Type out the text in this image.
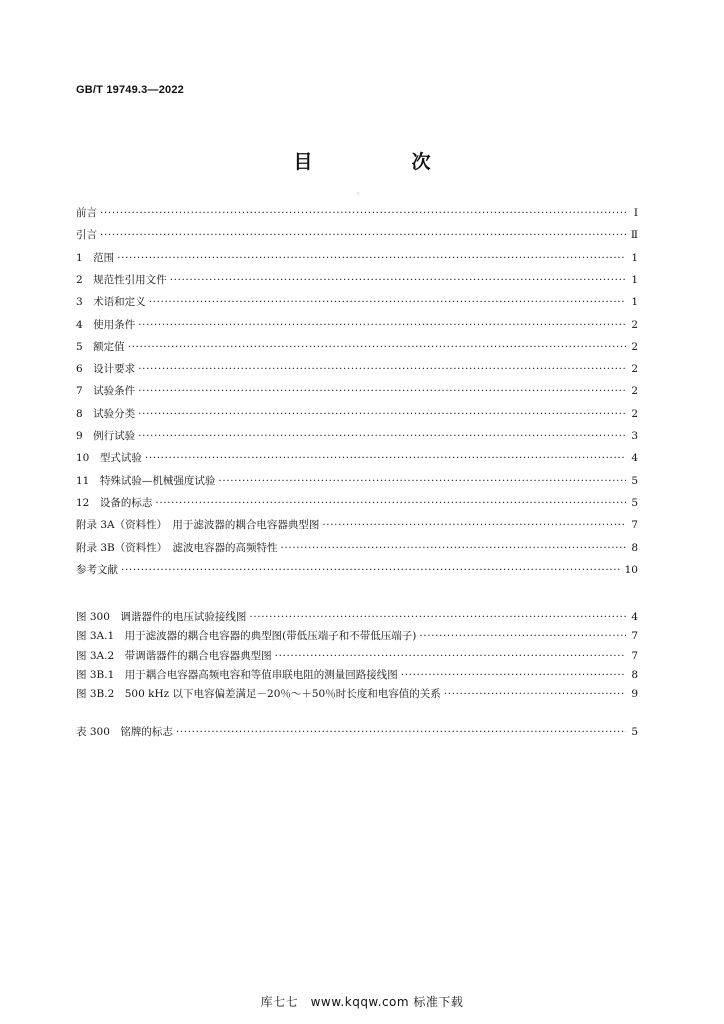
GB/T 19749.3—2022
目　次
:
前言 ·····	Ⅰ
引言 ·····	Ⅱ
1　范围 ·····	1
2　规范性引用文件 ·····	1
3　术语和定义 ·····	1
4　使用条件 ·····	2
5　额定值 ·····	2
6　设计要求 ·····	2
7　试验条件 ·····	2
8　试验分类 ·····	2
9　例行试验 ·····	3
10　型式试验 ·····	4
11　特殊试验—机械强度试验 ·····	5
12　设备的标志 ·····	5
附录 3A（资料性）　用于滤波器的耦合电容器典型图 ·····	7
附录 3B（资料性）　滤波电容器的高频特性 ·····	8
参考文献 ·····	10
图 300　调谐器件的电压试验接线图 ·····	4
图 3A.1　用于滤波器的耦合电容器的典型图(带低压端子和不带低压端子) ·····	7
图 3A.2　带调谐器件的耦合电容器典型图 ·····	7
图 3B.1　用于耦合电容器高频电容和等值串联电阻的测量回路接线图 ·····	8
图 3B.2　500 kHz 以下电容偏差满足－20％～＋50％时长度和电容值的关系 ·····	9
表 300　铭牌的标志 ·····	5
库七七　www.kqqw.com 标准下载
